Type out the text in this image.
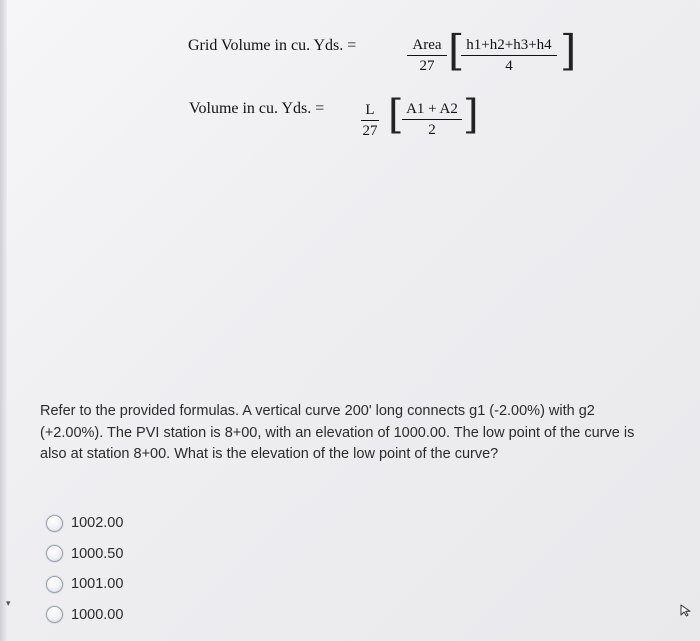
▾
Grid Volume in cu. Yds. =	Area
27 [
$\frac{h1+h2+h3+h4}{4}$ ]
Volume in cu. Yds. = $\frac{L}{27}$ [
$\frac{A1 + A2}{2}$ ]

Refer to the provided formulas. A vertical curve 200' long connects g1 (-2.00%) with g2 (+2.00%). The PVI station is 8+00, with an elevation of 1000.00. The low point of the curve is also at station 8+00. What is the elevation of the low point of the curve?

1002.00
1000.50
1001.00
1000.00
